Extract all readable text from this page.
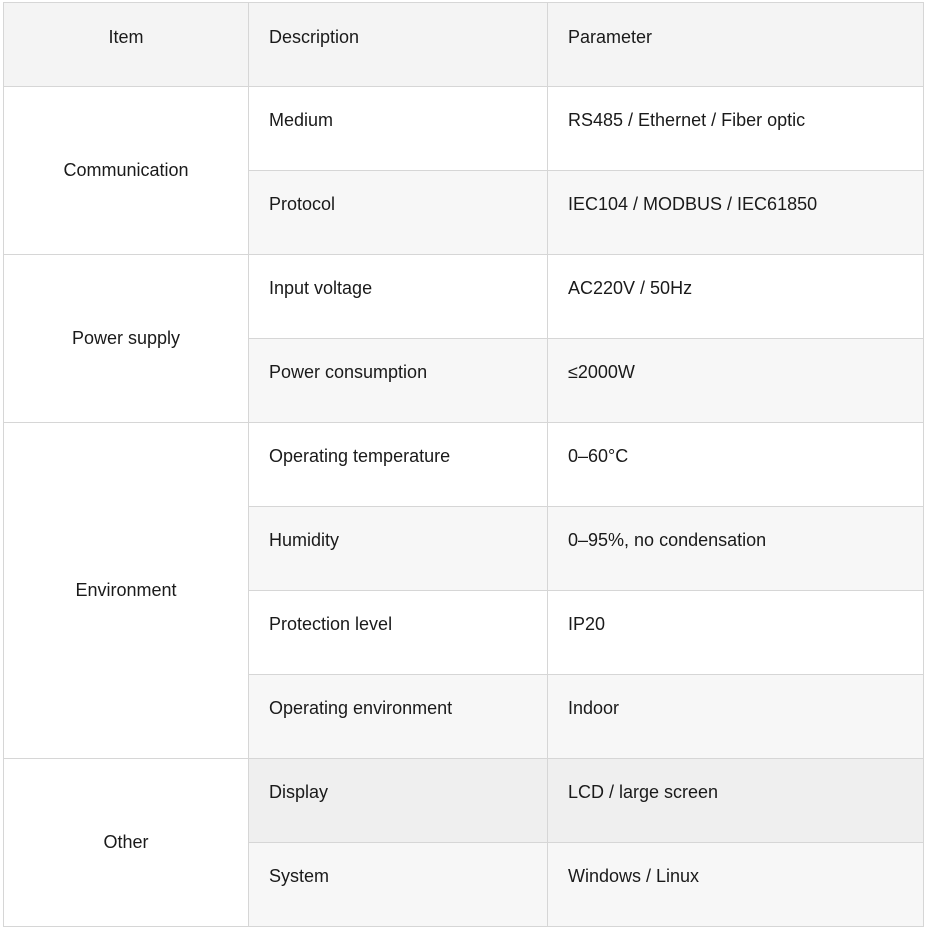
Item	Description	Parameter
Communication	Medium	RS485 / Ethernet / Fiber optic
	Protocol	IEC104 / MODBUS / IEC61850
Power supply	Input voltage	AC220V / 50Hz
	Power consumption	≤2000W
Environment	Operating temperature	0–60°C
	Humidity	0–95%, no condensation
	Protection level	IP20
	Operating environment	Indoor
Other	Display	LCD / large screen
	System	Windows / Linux
